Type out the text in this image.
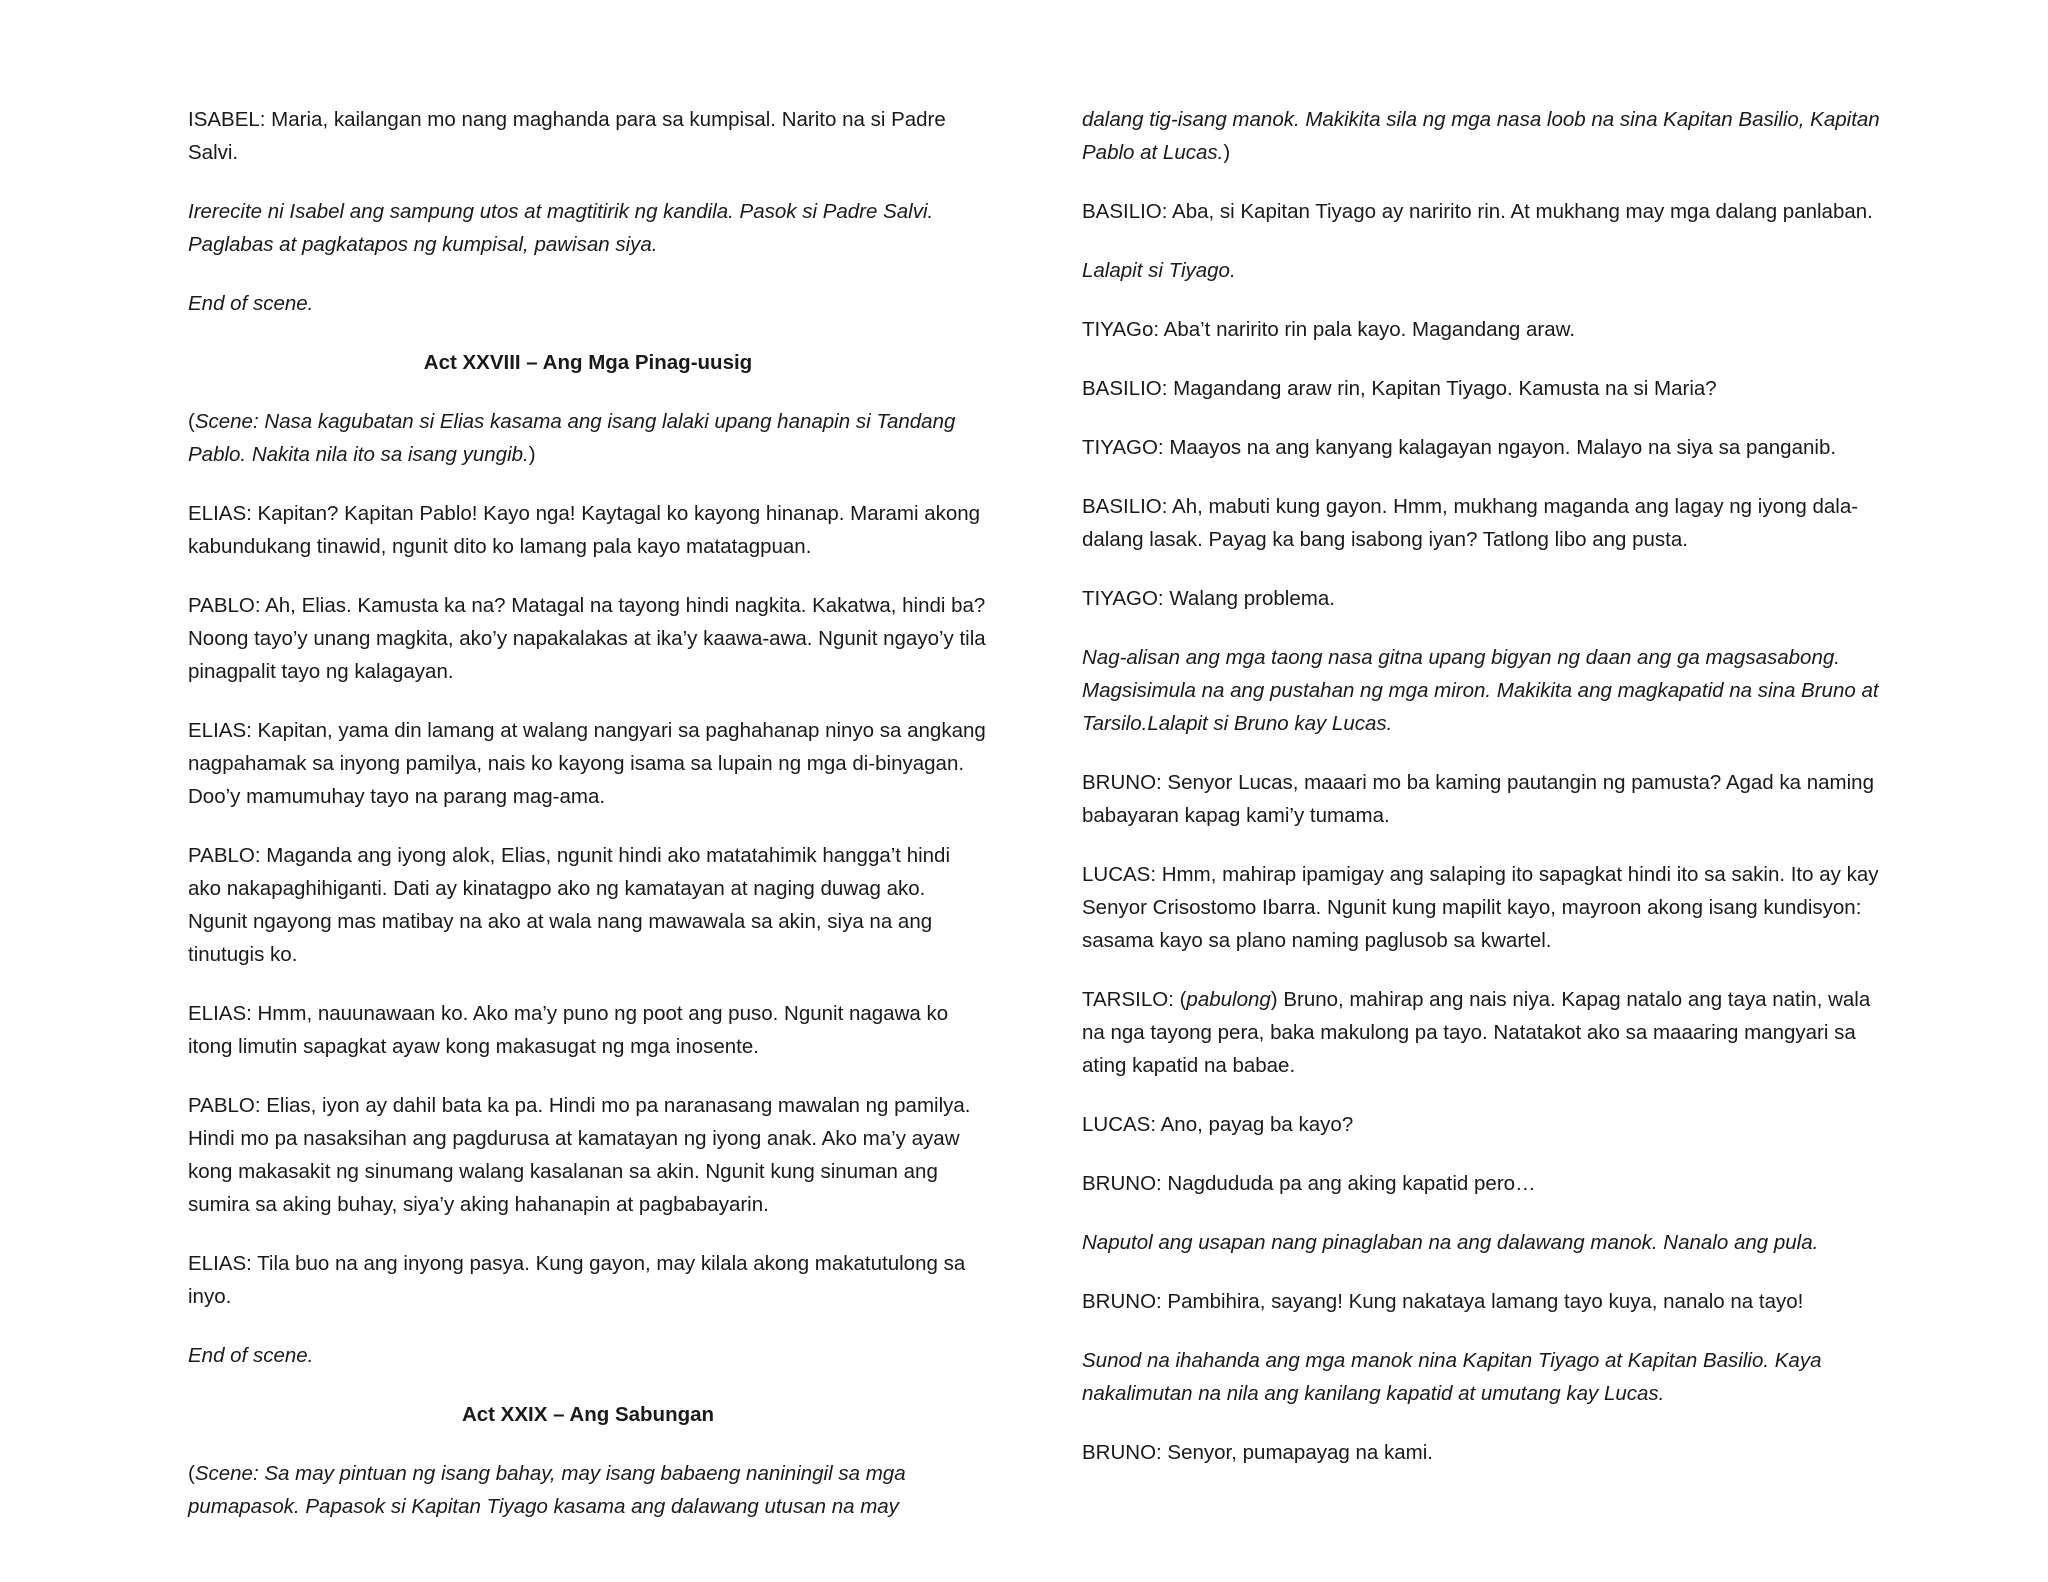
ISABEL: Maria, kailangan mo nang maghanda para sa kumpisal. Narito na si Padre Salvi.

Irerecite ni Isabel ang sampung utos at magtitirik ng kandila. Pasok si Padre Salvi. Paglabas at pagkatapos ng kumpisal, pawisan siya.

End of scene.

Act XXVIII – Ang Mga Pinag-uusig

(Scene: Nasa kagubatan si Elias kasama ang isang lalaki upang hanapin si Tandang Pablo. Nakita nila ito sa isang yungib.)

ELIAS: Kapitan? Kapitan Pablo! Kayo nga! Kaytagal ko kayong hinanap. Marami akong kabundukang tinawid, ngunit dito ko lamang pala kayo matatagpuan.

PABLO: Ah, Elias. Kamusta ka na? Matagal na tayong hindi nagkita. Kakatwa, hindi ba? Noong tayo’y unang magkita, ako’y napakalakas at ika’y kaawa-awa. Ngunit ngayo’y tila pinagpalit tayo ng kalagayan.

ELIAS: Kapitan, yama din lamang at walang nangyari sa paghahanap ninyo sa angkang nagpahamak sa inyong pamilya, nais ko kayong isama sa lupain ng mga di-binyagan. Doo’y mamumuhay tayo na parang mag-ama.

PABLO: Maganda ang iyong alok, Elias, ngunit hindi ako matatahimik hangga’t hindi ako nakapaghihiganti. Dati ay kinatagpo ako ng kamatayan at naging duwag ako. Ngunit ngayong mas matibay na ako at wala nang mawawala sa akin, siya na ang tinutugis ko.

ELIAS: Hmm, nauunawaan ko. Ako ma’y puno ng poot ang puso. Ngunit nagawa ko itong limutin sapagkat ayaw kong makasugat ng mga inosente.

PABLO: Elias, iyon ay dahil bata ka pa. Hindi mo pa naranasang mawalan ng pamilya. Hindi mo pa nasaksihan ang pagdurusa at kamatayan ng iyong anak. Ako ma’y ayaw kong makasakit ng sinumang walang kasalanan sa akin. Ngunit kung sinuman ang sumira sa aking buhay, siya’y aking hahanapin at pagbabayarin.

ELIAS: Tila buo na ang inyong pasya. Kung gayon, may kilala akong makatutulong sa inyo.

End of scene.

Act XXIX – Ang Sabungan

(Scene: Sa may pintuan ng isang bahay, may isang babaeng naniningil sa mga pumapasok. Papasok si Kapitan Tiyago kasama ang dalawang utusan na may

dalang tig-isang manok. Makikita sila ng mga nasa loob na sina Kapitan Basilio, Kapitan Pablo at Lucas.)

BASILIO: Aba, si Kapitan Tiyago ay naririto rin. At mukhang may mga dalang panlaban.

Lalapit si Tiyago.

TIYAGo: Aba’t naririto rin pala kayo. Magandang araw.

BASILIO: Magandang araw rin, Kapitan Tiyago. Kamusta na si Maria?

TIYAGO: Maayos na ang kanyang kalagayan ngayon. Malayo na siya sa panganib.

BASILIO: Ah, mabuti kung gayon. Hmm, mukhang maganda ang lagay ng iyong dala-dalang lasak. Payag ka bang isabong iyan? Tatlong libo ang pusta.

TIYAGO: Walang problema.

Nag-alisan ang mga taong nasa gitna upang bigyan ng daan ang ga magsasabong. Magsisimula na ang pustahan ng mga miron. Makikita ang magkapatid na sina Bruno at Tarsilo.Lalapit si Bruno kay Lucas.

BRUNO: Senyor Lucas, maaari mo ba kaming pautangin ng pamusta? Agad ka naming babayaran kapag kami’y tumama.

LUCAS: Hmm, mahirap ipamigay ang salaping ito sapagkat hindi ito sa sakin. Ito ay kay Senyor Crisostomo Ibarra. Ngunit kung mapilit kayo, mayroon akong isang kundisyon: sasama kayo sa plano naming paglusob sa kwartel.

TARSILO: (pabulong) Bruno, mahirap ang nais niya. Kapag natalo ang taya natin, wala na nga tayong pera, baka makulong pa tayo. Natatakot ako sa maaaring mangyari sa ating kapatid na babae.

LUCAS: Ano, payag ba kayo?

BRUNO: Nagdududa pa ang aking kapatid pero…

Naputol ang usapan nang pinaglaban na ang dalawang manok. Nanalo ang pula.

BRUNO: Pambihira, sayang! Kung nakataya lamang tayo kuya, nanalo na tayo!

Sunod na ihahanda ang mga manok nina Kapitan Tiyago at Kapitan Basilio. Kaya nakalimutan na nila ang kanilang kapatid at umutang kay Lucas.

BRUNO: Senyor, pumapayag na kami.
